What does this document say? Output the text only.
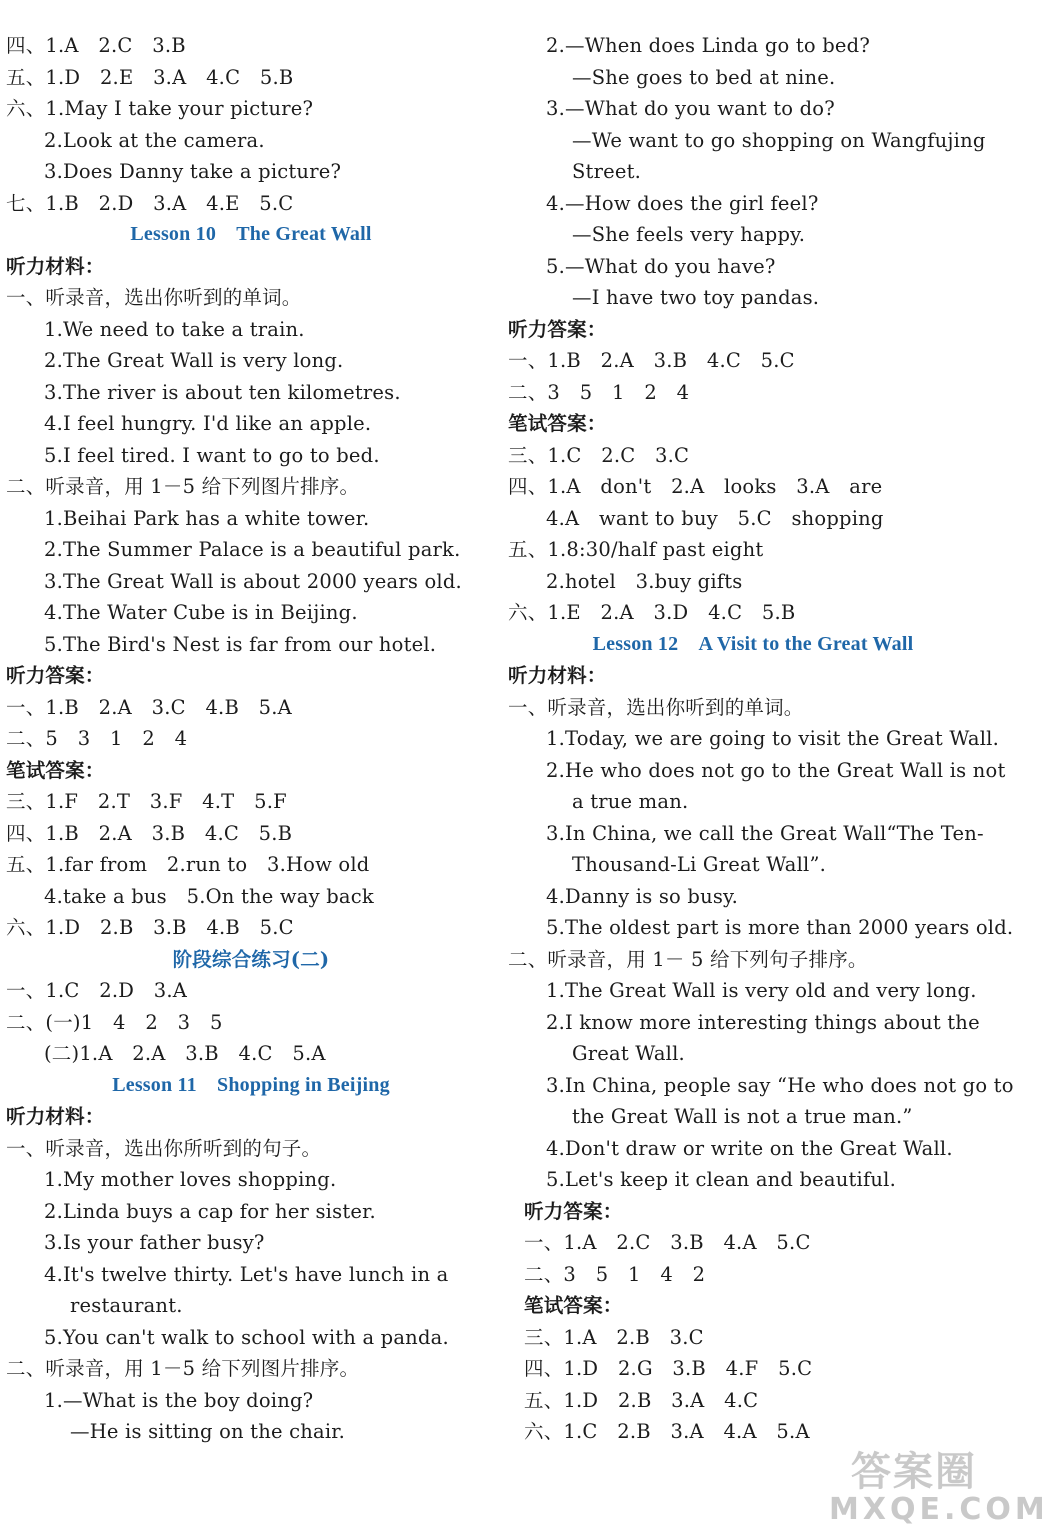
四、1.A　2.C　3.B
五、1.D　2.E　3.A　4.C　5.B
六、1.May I take your picture?
2.Look at the camera.
3.Does Danny take a picture?
七、1.B　2.D　3.A　4.E　5.C
Lesson 10　The Great Wall
听力材料：
一、听录音，选出你听到的单词。
1.We need to take a train.
2.The Great Wall is very long.
3.The river is about ten kilometres.
4.I feel hungry. I'd like an apple.
5.I feel tired. I want to go to bed.
二、听录音，用 1－5 给下列图片排序。
1.Beihai Park has a white tower.
2.The Summer Palace is a beautiful park.
3.The Great Wall is about 2000 years old.
4.The Water Cube is in Beijing.
5.The Bird's Nest is far from our hotel.
听力答案：
一、1.B　2.A　3.C　4.B　5.A
二、5　3　1　2　4
笔试答案：
三、1.F　2.T　3.F　4.T　5.F
四、1.B　2.A　3.B　4.C　5.B
五、1.far from　2.run to　3.How old
4.take a bus　5.On the way back
六、1.D　2.B　3.B　4.B　5.C
阶段综合练习(二)
一、1.C　2.D　3.A
二、(一)1　4　2　3　5
(二)1.A　2.A　3.B　4.C　5.A
Lesson 11　Shopping in Beijing
听力材料：
一、听录音，选出你所听到的句子。
1.My mother loves shopping.
2.Linda buys a cap for her sister.
3.Is your father busy?
4.It's twelve thirty. Let's have lunch in a
restaurant.
5.You can't walk to school with a panda.
二、听录音，用 1－5 给下列图片排序。
1.—What is the boy doing?
—He is sitting on the chair.
2.—When does Linda go to bed?
—She goes to bed at nine.
3.—What do you want to do?
—We want to go shopping on Wangfujing
Street.
4.—How does the girl feel?
—She feels very happy.
5.—What do you have?
—I have two toy pandas.
听力答案：
一、1.B　2.A　3.B　4.C　5.C
二、3　5　1　2　4
笔试答案：
三、1.C　2.C　3.C
四、1.A　don't　2.A　looks　3.A　are
4.A　want to buy　5.C　shopping
五、1.8:30/half past eight
2.hotel　3.buy gifts
六、1.E　2.A　3.D　4.C　5.B
Lesson 12　A Visit to the Great Wall
听力材料：
一、听录音，选出你听到的单词。
1.Today, we are going to visit the Great Wall.
2.He who does not go to the Great Wall is not
a true man.
3.In China, we call the Great Wall“The Ten-
Thousand-Li Great Wall”.
4.Danny is so busy.
5.The oldest part is more than 2000 years old.
二、听录音，用 1－ 5 给下列句子排序。
1.The Great Wall is very old and very long.
2.I know more interesting things about the
Great Wall.
3.In China, people say “He who does not go to
the Great Wall is not a true man.”
4.Don't draw or write on the Great Wall.
5.Let's keep it clean and beautiful.
听力答案：
一、1.A　2.C　3.B　4.A　5.C
二、3　5　1　4　2
笔试答案：
三、1.A　2.B　3.C
四、1.D　2.G　3.B　4.F　5.C
五、1.D　2.B　3.A　4.C
六、1.C　2.B　3.A　4.A　5.A
答案圈
MXQE.COM
